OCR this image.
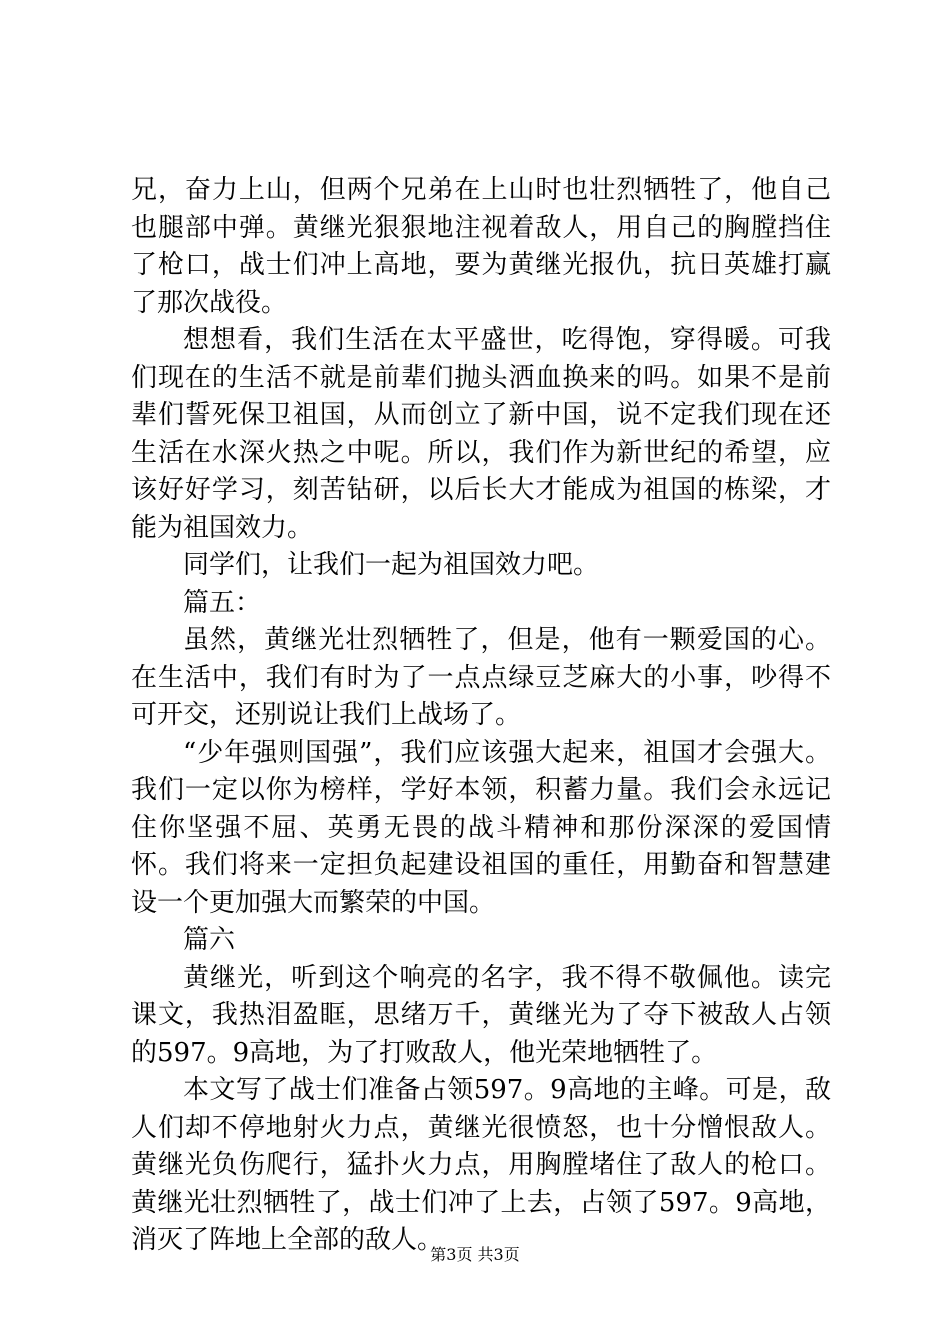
兄，奋力上山，但两个兄弟在上山时也壮烈牺牲了，他自己也腿部中弹。黄继光狠狠地注视着敌人，用自己的胸膛挡住了枪口，战士们冲上高地，要为黄继光报仇，抗日英雄打赢了那次战役。

想想看，我们生活在太平盛世，吃得饱，穿得暖。可我们现在的生活不就是前辈们抛头洒血换来的吗。如果不是前辈们誓死保卫祖国，从而创立了新中国，说不定我们现在还生活在水深火热之中呢。所以，我们作为新世纪的希望，应该好好学习，刻苦钻研，以后长大才能成为祖国的栋梁，才能为祖国效力。

同学们，让我们一起为祖国效力吧。

篇五：

虽然，黄继光壮烈牺牲了，但是，他有一颗爱国的心。在生活中，我们有时为了一点点绿豆芝麻大的小事，吵得不可开交，还别说让我们上战场了。

“少年强则国强”，我们应该强大起来，祖国才会强大。我们一定以你为榜样，学好本领，积蓄力量。我们会永远记住你坚强不屈、英勇无畏的战斗精神和那份深深的爱国情怀。我们将来一定担负起建设祖国的重任，用勤奋和智慧建设一个更加强大而繁荣的中国。

篇六

黄继光，听到这个响亮的名字，我不得不敬佩他。读完课文，我热泪盈眶，思绪万千，黄继光为了夺下被敌人占领的597。9高地，为了打败敌人，他光荣地牺牲了。

本文写了战士们准备占领597。9高地的主峰。可是，敌人们却不停地射火力点，黄继光很愤怒，也十分憎恨敌人。黄继光负伤爬行，猛扑火力点，用胸膛堵住了敌人的枪口。黄继光壮烈牺牲了，战士们冲了上去，占领了597。9高地，消灭了阵地上全部的敌人。

第3页 共3页
